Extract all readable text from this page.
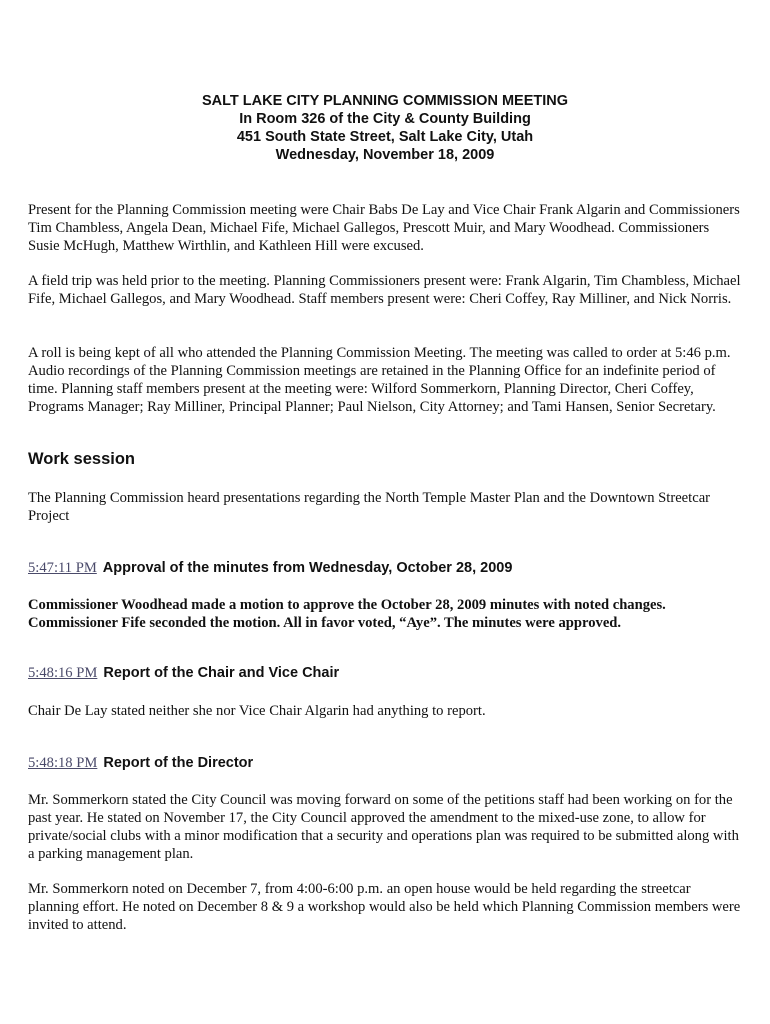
SALT LAKE CITY PLANNING COMMISSION MEETING
In Room 326 of the City & County Building
451 South State Street, Salt Lake City, Utah
Wednesday, November 18, 2009

Present for the Planning Commission meeting were Chair Babs De Lay and Vice Chair Frank Algarin and Commissioners Tim Chambless, Angela Dean, Michael Fife, Michael Gallegos, Prescott Muir, and Mary Woodhead. Commissioners Susie McHugh, Matthew Wirthlin, and Kathleen Hill were excused.

A field trip was held prior to the meeting. Planning Commissioners present were: Frank Algarin, Tim Chambless, Michael Fife, Michael Gallegos, and Mary Woodhead. Staff members present were: Cheri Coffey, Ray Milliner, and Nick Norris.

A roll is being kept of all who attended the Planning Commission Meeting. The meeting was called to order at 5:46 p.m. Audio recordings of the Planning Commission meetings are retained in the Planning Office for an indefinite period of time. Planning staff members present at the meeting were: Wilford Sommerkorn, Planning Director, Cheri Coffey, Programs Manager; Ray Milliner, Principal Planner; Paul Nielson, City Attorney; and Tami Hansen, Senior Secretary.

Work session

The Planning Commission heard presentations regarding the North Temple Master Plan and the Downtown Streetcar Project

5:47:11 PM Approval of the minutes from Wednesday, October 28, 2009

Commissioner Woodhead made a motion to approve the October 28, 2009 minutes with noted changes. Commissioner Fife seconded the motion. All in favor voted, “Aye”. The minutes were approved.

5:48:16 PM Report of the Chair and Vice Chair

Chair De Lay stated neither she nor Vice Chair Algarin had anything to report.

5:48:18 PM Report of the Director

Mr. Sommerkorn stated the City Council was moving forward on some of the petitions staff had been working on for the past year. He stated on November 17, the City Council approved the amendment to the mixed-use zone, to allow for private/social clubs with a minor modification that a security and operations plan was required to be submitted along with a parking management plan.

Mr. Sommerkorn noted on December 7, from 4:00-6:00 p.m. an open house would be held regarding the streetcar planning effort. He noted on December 8 & 9 a workshop would also be held which Planning Commission members were invited to attend.
